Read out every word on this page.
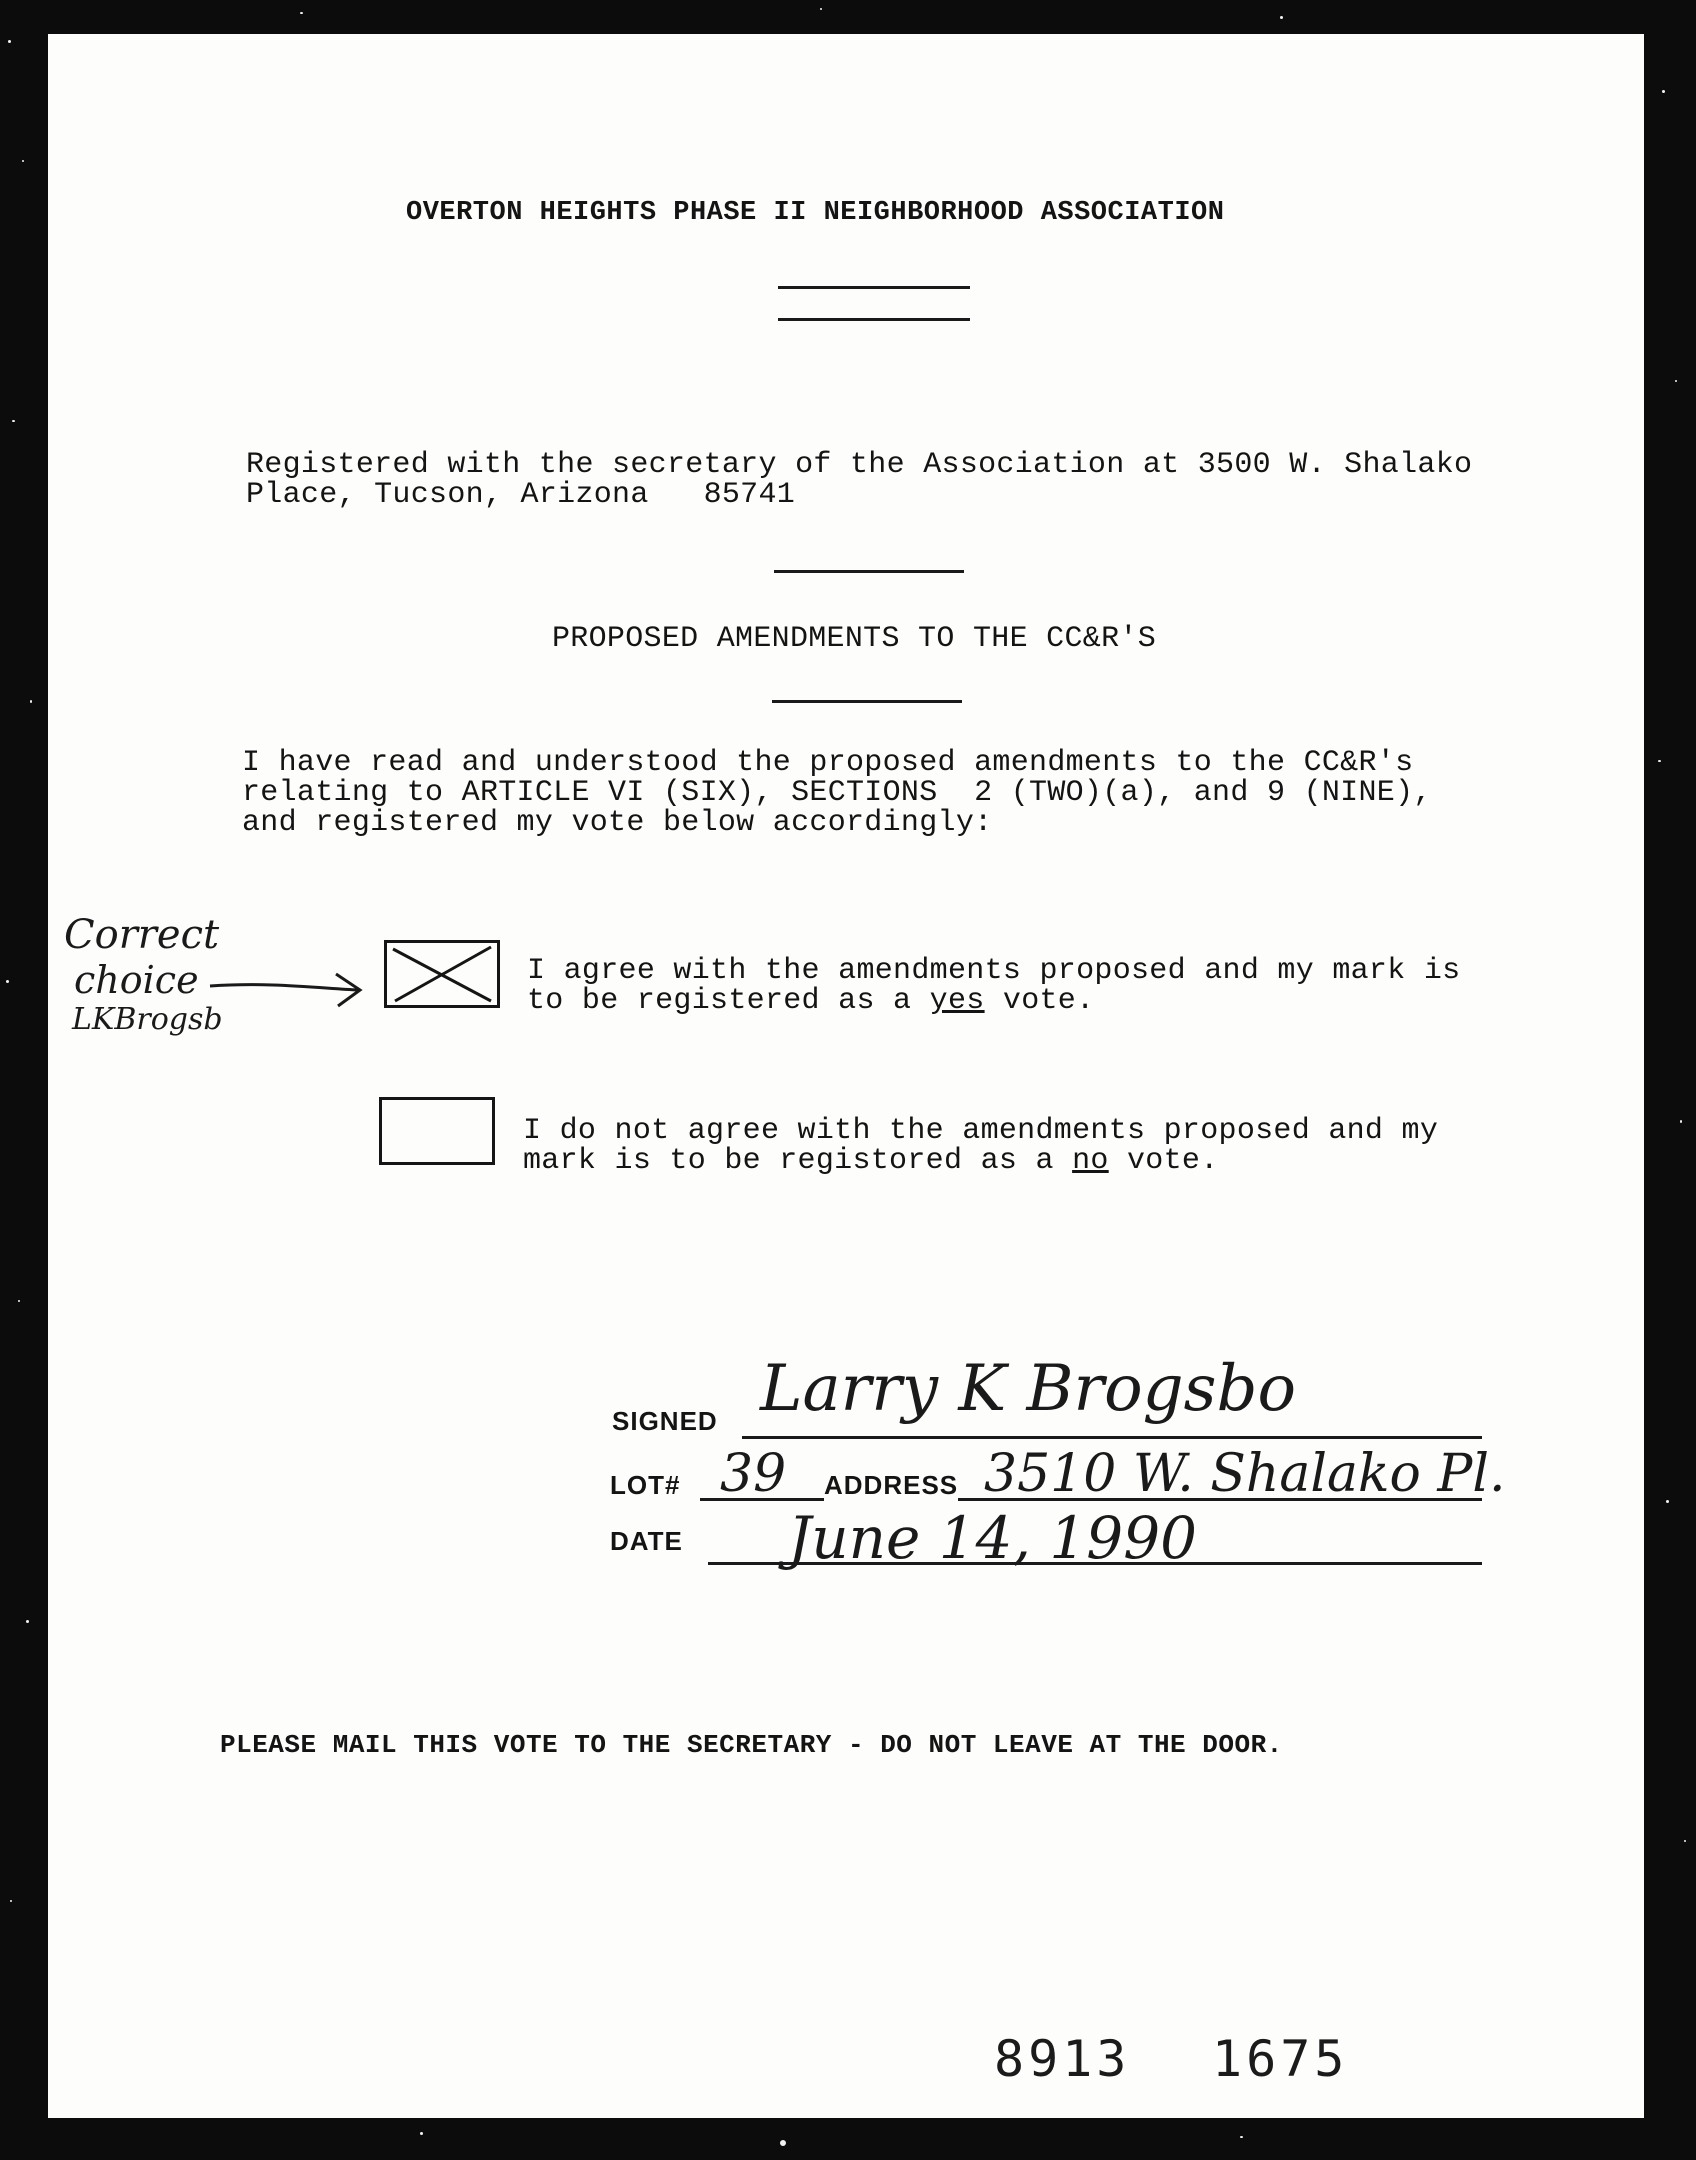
OVERTON HEIGHTS PHASE II NEIGHBORHOOD ASSOCIATION
Registered with the secretary of the Association at 3500 W. Shalako
Place, Tucson, Arizona   85741
PROPOSED AMENDMENTS TO THE CC&R'S
I have read and understood the proposed amendments to the CC&R's
relating to ARTICLE VI (SIX), SECTIONS  2 (TWO)(a), and 9 (NINE),
and registered my vote below accordingly:
I agree with the amendments proposed and my mark is
to be registered as a yes vote.
I do not agree with the amendments proposed and my
mark is to be registored as a no vote.
Correct
choice
LKBrogsb
SIGNED Larry K Brogsbo
LOT# 39 ADDRESS 3510 W. Shalako Pl.
DATE June 14, 1990
PLEASE MAIL THIS VOTE TO THE SECRETARY - DO NOT LEAVE AT THE DOOR.
8913 1675
